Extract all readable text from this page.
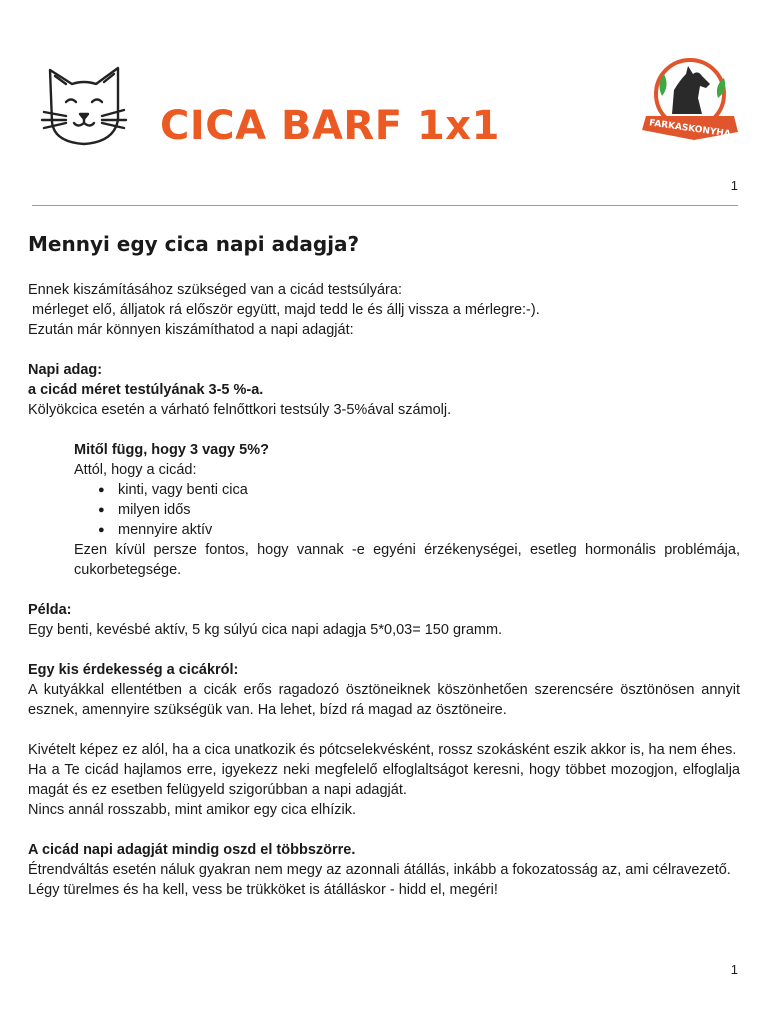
CICA BARF 1x1	FARKASKONYHA
1
Mennyi egy cica napi adagja?

Ennek kiszámításához szükséged van a cicád testsúlyára:
mérleget elő, álljatok rá először együtt, majd tedd le és állj vissza a mérlegre:-).
Ezután már könnyen kiszámíthatod a napi adagját:

Napi adag:
a cicád méret testúlyának 3-5 %-a.
Kölyökcica esetén a várható felnőttkori testsúly 3-5%ával számolj.

Mitől függ, hogy 3 vagy 5%?
Attól, hogy a cicád:
● kinti, vagy benti cica
● milyen idős
● mennyire aktív
Ezen kívül persze fontos, hogy vannak -e egyéni érzékenységei, esetleg hormonális problémája, cukorbetegsége.

Példa:
Egy benti, kevésbé aktív, 5 kg súlyú cica napi adagja 5*0,03= 150 gramm.

Egy kis érdekesség a cicákról:
A kutyákkal ellentétben a cicák erős ragadozó ösztöneiknek köszönhetően szerencsére ösztönösen annyit esznek, amennyire szükségük van. Ha lehet, bízd rá magad az ösztöneire.

Kivételt képez ez alól, ha a cica unatkozik és pótcselekvésként, rossz szokásként eszik akkor is, ha nem éhes.
Ha a Te cicád hajlamos erre, igyekezz neki megfelelő elfoglaltságot keresni, hogy többet mozogjon, elfoglalja magát és ez esetben felügyeld szigorúbban a napi adagját.
Nincs annál rosszabb, mint amikor egy cica elhízik.

A cicád napi adagját mindig oszd el többszörre.
Étrendváltás esetén náluk gyakran nem megy az azonnali átállás, inkább a fokozatosság az, ami célravezető.
Légy türelmes és ha kell, vess be trükköket is átálláskor - hidd el, megéri!

1
